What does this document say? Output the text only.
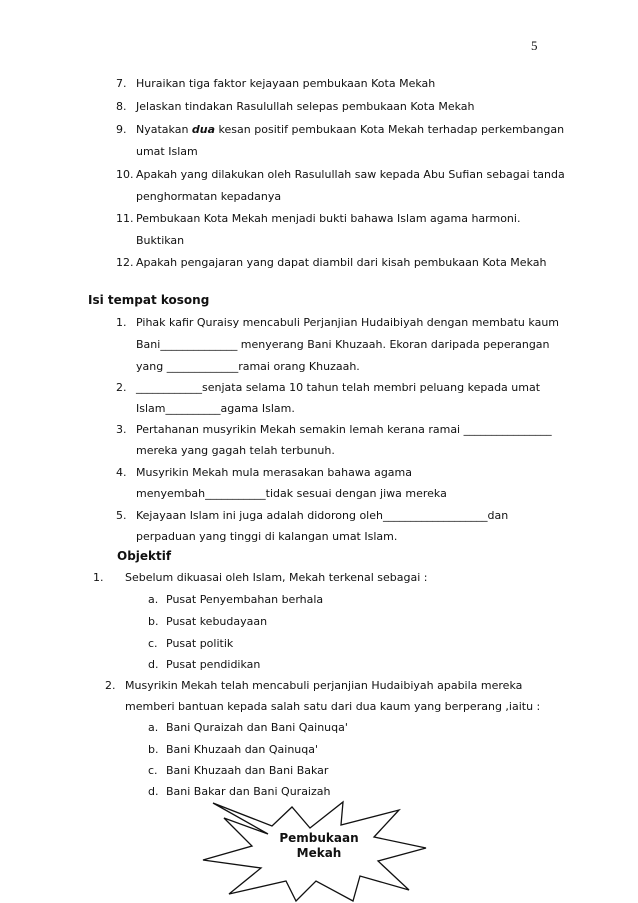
5
7. Huraikan tiga faktor kejayaan pembukaan Kota Mekah
8. Jelaskan tindakan Rasulullah selepas pembukaan Kota Mekah
9. Nyatakan dua kesan positif pembukaan Kota Mekah terhadap perkembangan
umat Islam
10. Apakah yang dilakukan oleh Rasulullah saw kepada Abu Sufian sebagai tanda
penghormatan kepadanya
11. Pembukaan Kota Mekah menjadi bukti bahawa Islam agama harmoni.
Buktikan
12. Apakah pengajaran yang dapat diambil dari kisah pembukaan Kota Mekah
Isi tempat kosong
1. Pihak kafir Quraisy mencabuli Perjanjian Hudaibiyah dengan membatu kaum
Bani______________ menyerang Bani Khuzaah. Ekoran daripada peperangan
yang _____________ramai orang Khuzaah.
2. ____________senjata selama 10 tahun telah membri peluang kepada umat
Islam__________agama Islam.
3. Pertahanan musyrikin Mekah semakin lemah kerana ramai ________________
mereka yang gagah telah terbunuh.
4. Musyrikin Mekah mula merasakan bahawa agama
menyembah___________tidak sesuai dengan jiwa mereka
5. Kejayaan Islam ini juga adalah didorong oleh___________________dan
perpaduan yang tinggi di kalangan umat Islam.
Objektif
1. Sebelum dikuasai oleh Islam, Mekah terkenal sebagai :
a. Pusat Penyembahan berhala
b. Pusat kebudayaan
c. Pusat politik
d. Pusat pendidikan
2. Musyrikin Mekah telah mencabuli perjanjian Hudaibiyah apabila mereka
memberi bantuan kepada salah satu dari dua kaum yang berperang ,iaitu :
a. Bani Quraizah dan Bani Qainuqa'
b. Bani Khuzaah dan Qainuqa'
c. Bani Khuzaah dan Bani Bakar
d. Bani Bakar dan Bani Quraizah
Pembukaan
Mekah
